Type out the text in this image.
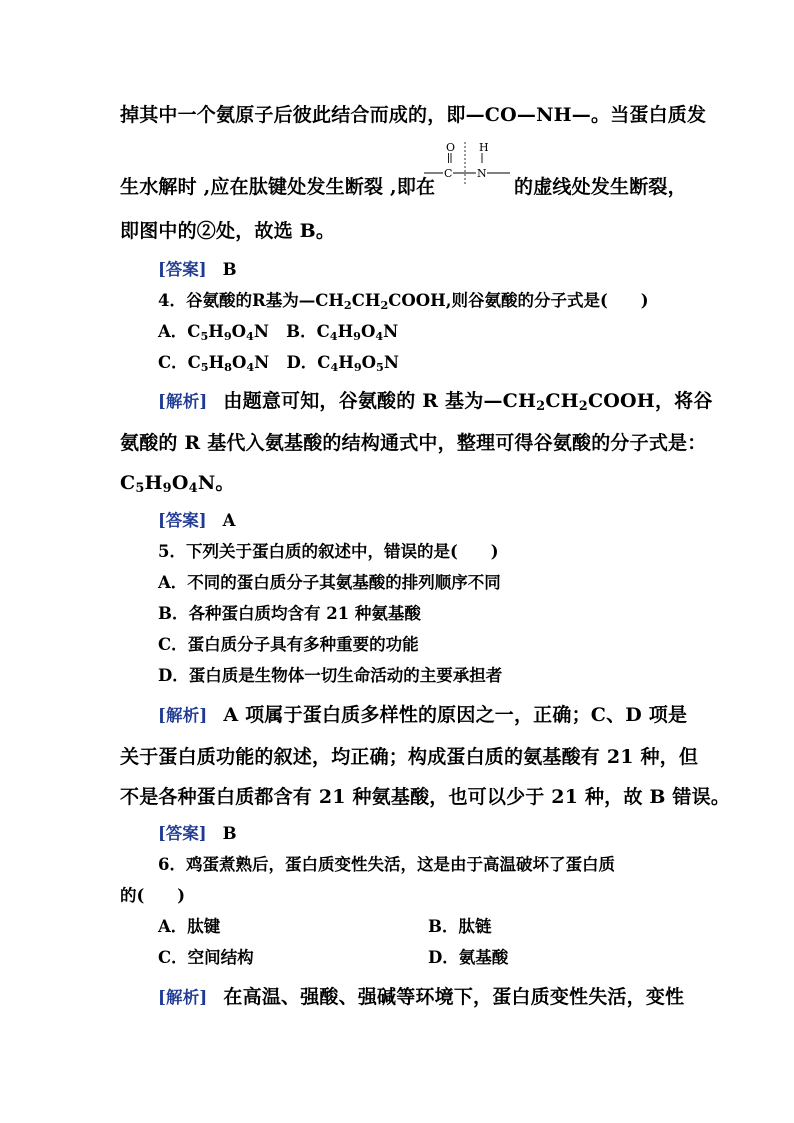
掉其中一个氨原子后彼此结合而成的，即—CO—NH—。当蛋白质发
生水解时 ,应在肽键处发生断裂 ,即在
O H
C N
的虚线处发生断裂，
即图中的②处，故选 B。
[答案] B
4．谷氨酸的R基为$—CH_2CH_2COOH$,则谷氨酸的分子式是(　　)
A．$C_5H_9O_4N$ B．$C_4H_9O_4N$
C．$C_5H_8O_4N$ D．$C_4H_9O_5N$
[解析] 由题意可知，谷氨酸的 R 基为$—CH_2CH_2COOH$，将谷
氨酸的 R 基代入氨基酸的结构通式中，整理可得谷氨酸的分子式是：
$C_5H_9O_4N$。
[答案] A
5．下列关于蛋白质的叙述中，错误的是(　　)
A．不同的蛋白质分子其氨基酸的排列顺序不同
B．各种蛋白质均含有 21 种氨基酸
C．蛋白质分子具有多种重要的功能
D．蛋白质是生物体一切生命活动的主要承担者
[解析] A 项属于蛋白质多样性的原因之一，正确；C、D 项是
关于蛋白质功能的叙述，均正确；构成蛋白质的氨基酸有 21 种，但
不是各种蛋白质都含有 21 种氨基酸，也可以少于 21 种，故 B 错误。
[答案] B
6．鸡蛋煮熟后，蛋白质变性失活，这是由于高温破坏了蛋白质
的(　　)
A．肽键	B．肽链
C．空间结构	D．氨基酸
[解析] 在高温、强酸、强碱等环境下，蛋白质变性失活，变性
